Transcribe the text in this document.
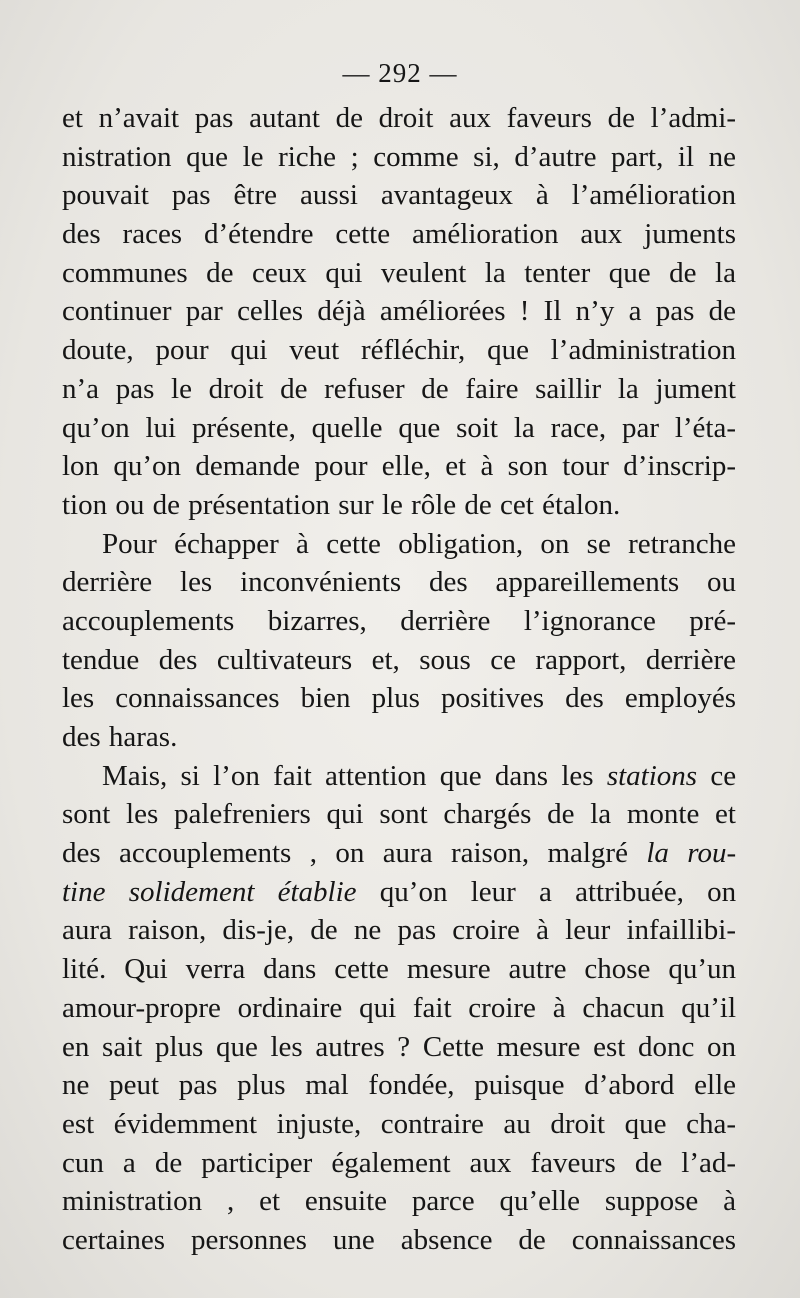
— 292 —
et n’avait pas autant de droit aux faveurs de l’admi-
nistration que le riche ; comme si, d’autre part, il ne
pouvait pas être aussi avantageux à l’amélioration
des races d’étendre cette amélioration aux juments
communes de ceux qui veulent la tenter que de la
continuer par celles déjà améliorées ! Il n’y a pas de
doute, pour qui veut réfléchir, que l’administration
n’a pas le droit de refuser de faire saillir la jument
qu’on lui présente, quelle que soit la race, par l’éta-
lon qu’on demande pour elle, et à son tour d’inscrip-
tion ou de présentation sur le rôle de cet étalon.
Pour échapper à cette obligation, on se retranche
derrière les inconvénients des appareillements ou
accouplements bizarres, derrière l’ignorance pré-
tendue des cultivateurs et, sous ce rapport, derrière
les connaissances bien plus positives des employés
des haras.
Mais, si l’on fait attention que dans les stations ce
sont les palefreniers qui sont chargés de la monte et
des accouplements , on aura raison, malgré la rou-
tine solidement établie qu’on leur a attribuée, on
aura raison, dis-je, de ne pas croire à leur infaillibi-
lité. Qui verra dans cette mesure autre chose qu’un
amour-propre ordinaire qui fait croire à chacun qu’il
en sait plus que les autres ? Cette mesure est donc on
ne peut pas plus mal fondée, puisque d’abord elle
est évidemment injuste, contraire au droit que cha-
cun a de participer également aux faveurs de l’ad-
ministration , et ensuite parce qu’elle suppose à
certaines personnes une absence de connaissances
